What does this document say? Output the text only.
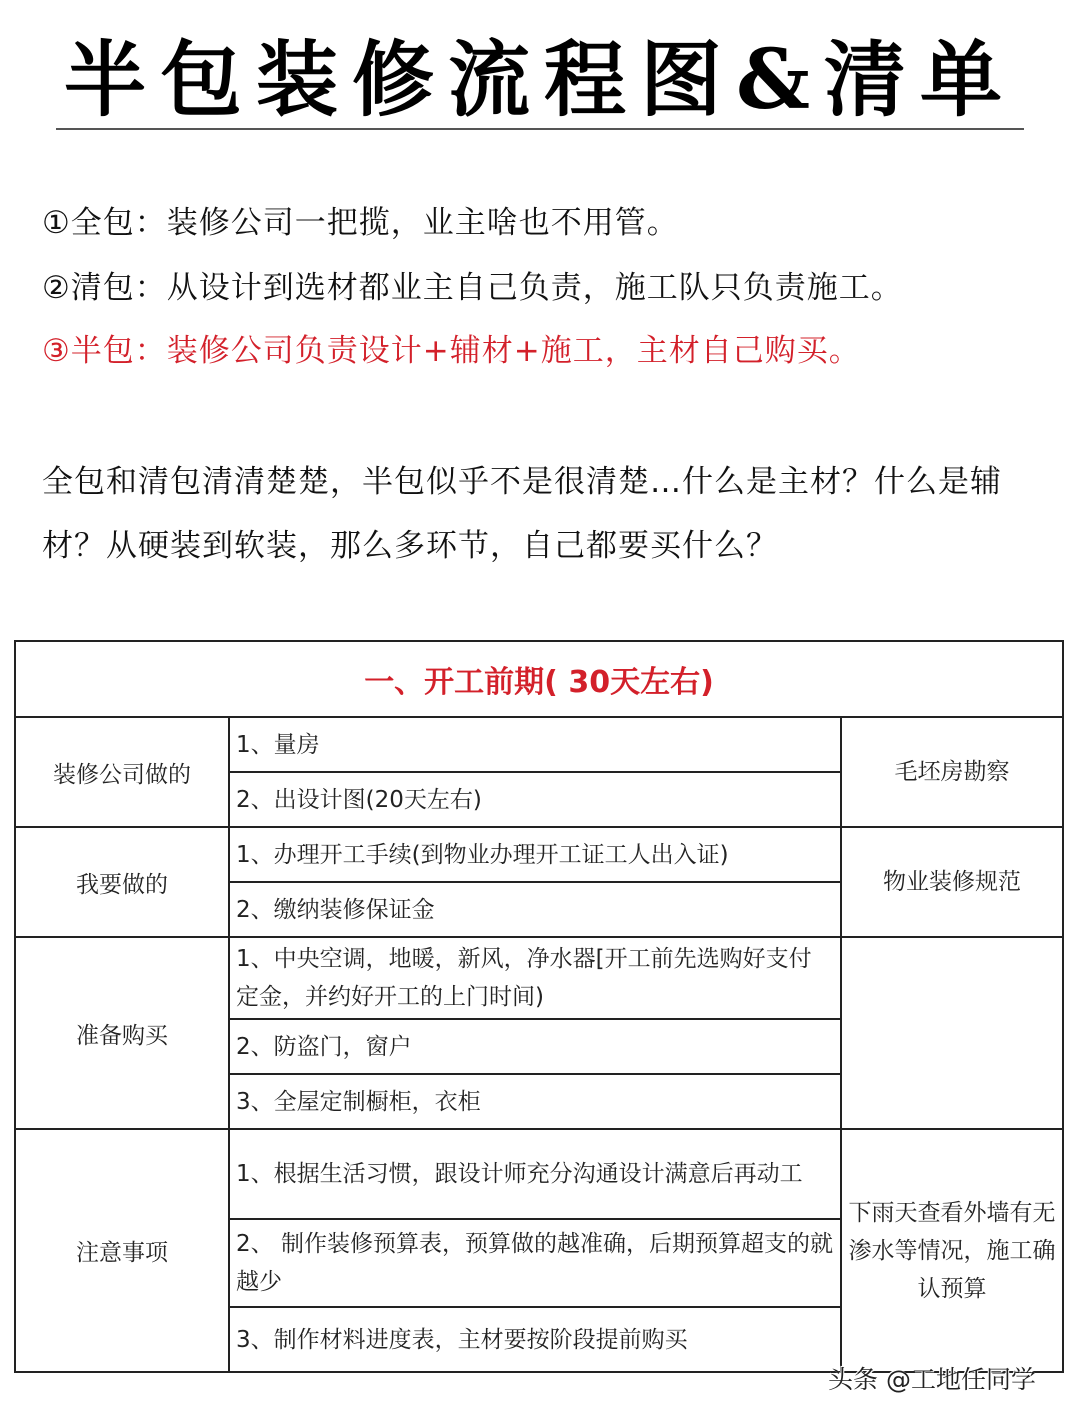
半包装修流程图&清单
①全包：装修公司一把揽，业主啥也不用管。
②清包：从设计到选材都业主自己负责，施工队只负责施工。
③半包：装修公司负责设计+辅材+施工，主材自己购买。
全包和清包清清楚楚，半包似乎不是很清楚…什么是主材？什么是辅材？从硬装到软装，那么多环节，自己都要买什么？
一、开工前期( 30天左右)
装修公司做的
1、量房
2、出设计图(20天左右)
毛坯房勘察
我要做的
1、办理开工手续(到物业办理开工证工人出入证)
2、缴纳装修保证金
物业装修规范
准备购买
1、中央空调，地暖，新风，净水器[开工前先选购好支付定金，并约好开工的上门时间)
2、防盗门，窗户
3、全屋定制橱柜，衣柜
注意事项
1、根据生活习惯，跟设计师充分沟通设计满意后再动工
2、 制作装修预算表，预算做的越准确，后期预算超支的就越少
3、制作材料进度表，主材要按阶段提前购买
下雨天查看外墙有无渗水等情况，施工确认预算
头条 @工地任同学
